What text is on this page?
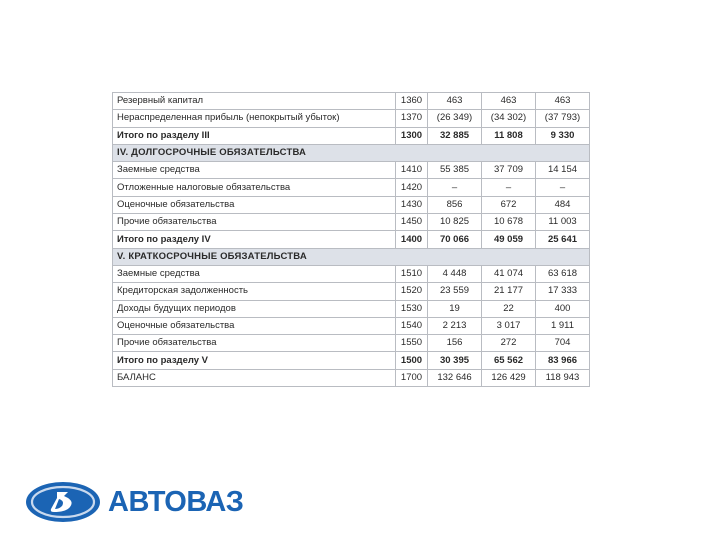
Резервный капитал	1360	463	463	463
Нераспределенная прибыль (непокрытый убыток)	1370	(26 349)	(34 302)	(37 793)
Итого по разделу III	1300	32 885	11 808	9 330
IV. ДОЛГОСРОЧНЫЕ ОБЯЗАТЕЛЬСТВА				
Заемные средства	1410	55 385	37 709	14 154
Отложенные налоговые обязательства	1420	–	–	–
Оценочные обязательства	1430	856	672	484
Прочие обязательства	1450	10 825	10 678	11 003
Итого по разделу IV	1400	70 066	49 059	25 641
V. КРАТКОСРОЧНЫЕ ОБЯЗАТЕЛЬСТВА				
Заемные средства	1510	4 448	41 074	63 618
Кредиторская задолженность	1520	23 559	21 177	17 333
Доходы будущих периодов	1530	19	22	400
Оценочные обязательства	1540	2 213	3 017	1 911
Прочие обязательства	1550	156	272	704
Итого по разделу V	1500	30 395	65 562	83 966
БАЛАНС	1700	132 646	126 429	118 943
АВТОВАЗ
